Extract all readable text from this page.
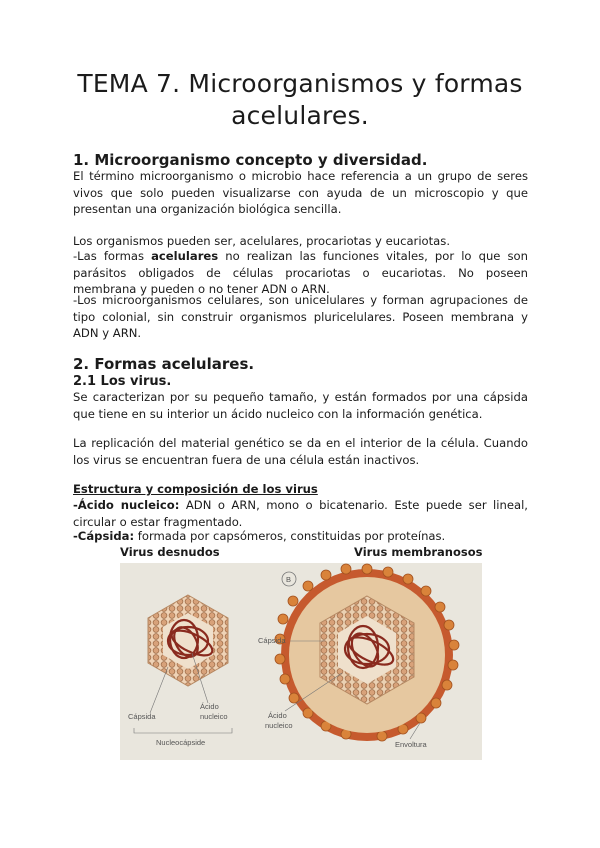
TEMA 7. Microorganismos y formas acelulares.
1. Microorganismo concepto y diversidad.
El término microorganismo o microbio hace referencia a un grupo de seres vivos que solo pueden visualizarse con ayuda de un microscopio y que presentan una organización biológica sencilla.
Los organismos pueden ser, acelulares, procariotas y eucariotas.
-Las formas acelulares no realizan las funciones vitales, por lo que son parásitos obligados de células procariotas o eucariotas. No poseen membrana y pueden o no tener ADN o ARN.
-Los microorganismos celulares, son unicelulares y forman agrupaciones de tipo colonial, sin construir organismos pluricelulares. Poseen membrana y ADN y ARN.
2. Formas acelulares.
2.1 Los virus.
Se caracterizan por su pequeño tamaño, y están formados por una cápsida que tiene en su interior un ácido nucleico con la información genética.
La replicación del material genético se da en el interior de la célula. Cuando los virus se encuentran fuera de una célula están inactivos.
Estructura y composición de los virus
-Ácido nucleico: ADN o ARN, mono o bicatenario. Este puede ser lineal, circular o estar fragmentado.
-Cápsida: formada por capsómeros, constituidas por proteínas.
Virus desnudos	Virus membranosos
Cápsida
Ácido
nucleico
Nucleocápside
Cápsida
Ácido
nucleico
Envoltura
B
